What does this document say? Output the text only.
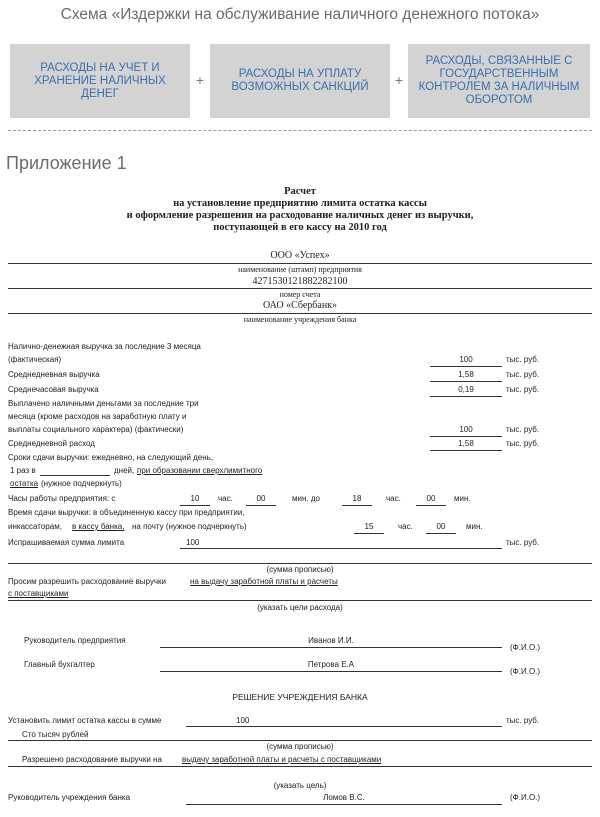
Схема «Издержки на обслуживание наличного денежного потока»
РАСХОДЫ НА УЧЕТ И ХРАНЕНИЕ НАЛИЧНЫХ ДЕНЕГ
+	РАСХОДЫ НА УПЛАТУ ВОЗМОЖНЫХ САНКЦИЙ	+
РАСХОДЫ, СВЯЗАННЫЕ С ГОСУДАРСТВЕННЫМ КОНТРОЛЕМ ЗА НАЛИЧНЫМ ОБОРОТОМ
Приложение 1
Расчет
на установление предприятию лимита остатка кассы
и оформление разрешения на расходование наличных денег из выручки,
поступающей в его кассу на 2010 год
ООО «Успех»
наименование (штамп) предприятия
42715301218822821​00
номер счета
ОАО «Сбербанк»
наименование учреждения банка
Налично-денежная выручка за последние 3 месяца
(фактическая)	100	тыс. руб.
Среднедневная выручка	1,58	тыс. руб.
Среднечасовая выручка	0,19	тыс. руб.
Выплачено наличными деньгами за последние три
месяца (кроме расходов на заработную плату и
выплаты социального характера) (фактически)	100	тыс. руб.
Среднедневной расход	1,58	тыс. руб.
Сроки сдачи выручки: ежедневно, на следующий день,
1 раз в	дней, при образовании сверхлимитного
остатка (нужное подчеркнуть)
Часы работы предприятия: с	10	час.	00	мин. до	18	час.	00	мин.
Время сдачи выручки: в объединенную кассу при предприятии,
инкассаторам, в кассу банка, на почту (нужное подчеркнуть)	15	час.	00	мин.
Испрашиваемая сумма лимита	100	тыс. руб.
(сумма прописью)
Просим разрешить расходование выручки	на выдачу заработной платы и расчеты
с поставщиками
(указать цели расхода)
Руководитель предприятия	Иванов И.И.
(Ф.И.О.)
Главный бухгалтер	Петрова Е.А
(Ф.И.О.)
РЕШЕНИЕ УЧРЕЖДЕНИЯ БАНКА
Установить лимит остатка кассы в сумме	100	тыс. руб.
Сто тысяч рублей
(сумма прописью)
Разрешено расходование выручки на	выдачу заработной платы и расчеты с поставщиками
(указать цель)
Руководитель учреждения банка	Ломов В.С.	(Ф.И.О.)
